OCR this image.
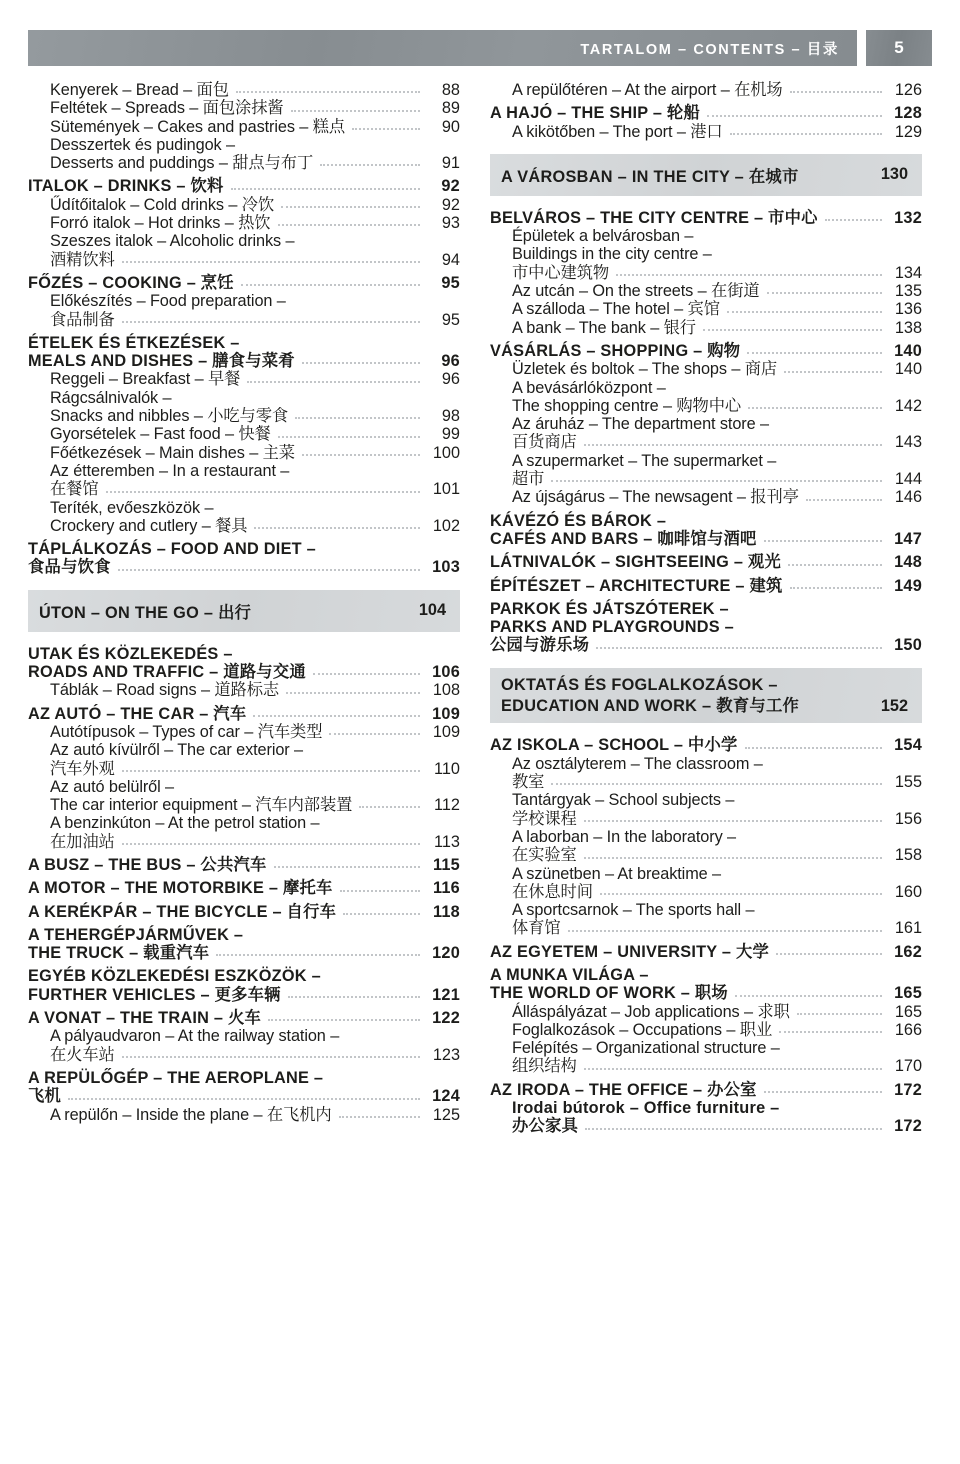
TARTALOM – CONTENTS – 目录	5
Kenyerek – Bread – 面包	88
Feltétek – Spreads – 面包涂抹酱	89
Sütemények – Cakes and pastries – 糕点	90
Desszertek és pudingok –
Desserts and puddings – 甜点与布丁	91
ITALOK – DRINKS – 饮料	92
Űdítőitalok – Cold drinks – 冷饮	92
Forró italok – Hot drinks – 热饮	93
Szeszes italok – Alcoholic drinks –
酒精饮料	94
FŐZÉS – COOKING – 烹饪	95
Előkészítés – Food preparation –
食品制备	95
ÉTELEK ÉS ÉTKEZÉSEK –
MEALS AND DISHES – 膳食与菜肴	96
Reggeli – Breakfast – 早餐	96
Rágcsálnivalók –
Snacks and nibbles – 小吃与零食	98
Gyorsételek – Fast food – 快餐	99
Főétkezések – Main dishes – 主菜	100
Az étteremben – In a restaurant –
在餐馆	101
Teríték, evőeszközök –
Crockery and cutlery – 餐具	102
TÁPLÁLKOZÁS – FOOD AND DIET –
食品与饮食	103
ÚTON – ON THE GO – 出行	104
UTAK ÉS KÖZLEKEDÉS –
ROADS AND TRAFFIC – 道路与交通	106
Táblák – Road signs – 道路标志	108
AZ AUTÓ – THE CAR – 汽车	109
Autótípusok – Types of car – 汽车类型	109
Az autó kívülről – The car exterior –
汽车外观	110
Az autó belülről –
The car interior equipment – 汽车内部装置	112
A benzinkúton – At the petrol station –
在加油站	113
A BUSZ – THE BUS – 公共汽车	115
A MOTOR – THE MOTORBIKE – 摩托车	116
A KERÉKPÁR – THE BICYCLE – 自行车	118
A TEHERGÉPJÁRMŰVEK –
THE TRUCK – 载重汽车	120
EGYÉB KÖZLEKEDÉSI ESZKÖZÖK –
FURTHER VEHICLES – 更多车辆	121
A VONAT – THE TRAIN – 火车	122
A pályaudvaron – At the railway station –
在火车站	123
A REPÜLŐGÉP – THE AEROPLANE –
飞机	124
A repülőn – Inside the plane – 在飞机内	125
A repülőtéren – At the airport – 在机场	126
A HAJÓ – THE SHIP – 轮船	128
A kikötőben – The port – 港口	129
A VÁROSBAN – IN THE CITY – 在城市	130
BELVÁROS – THE CITY CENTRE – 市中心	132
Épületek a belvárosban –
Buildings in the city centre –
市中心建筑物	134
Az utcán – On the streets – 在街道	135
A szálloda – The hotel – 宾馆	136
A bank – The bank – 银行	138
VÁSÁRLÁS – SHOPPING – 购物	140
Üzletek és boltok – The shops – 商店	140
A bevásárlóközpont –
The shopping centre – 购物中心	142
Az áruház – The department store –
百货商店	143
A szupermarket – The supermarket –
超市	144
Az újságárus – The newsagent – 报刊亭	146
KÁVÉZÓ ÉS BÁROK –
CAFÉS AND BARS – 咖啡馆与酒吧	147
LÁTNIVALÓK – SIGHTSEEING – 观光	148
ÉPÍTÉSZET – ARCHITECTURE – 建筑	149
PARKOK ÉS JÁTSZÓTEREK –
PARKS AND PLAYGROUNDS –
公园与游乐场	150
OKTATÁS ÉS FOGLALKOZÁSOK –
EDUCATION AND WORK – 教育与工作	152
AZ ISKOLA – SCHOOL – 中小学	154
Az osztályterem – The classroom –
教室	155
Tantárgyak – School subjects –
学校课程	156
A laborban – In the laboratory –
在实验室	158
A szünetben – At breaktime –
在休息时间	160
A sportcsarnok – The sports hall –
体育馆	161
AZ EGYETEM – UNIVERSITY – 大学	162
A MUNKA VILÁGA –
THE WORLD OF WORK – 职场	165
Álláspályázat – Job applications – 求职	165
Foglalkozások – Occupations – 职业	166
Felépítés – Organizational structure –
组织结构	170
AZ IRODA – THE OFFICE – 办公室	172
Irodai bútorok – Office furniture –
办公家具	172
